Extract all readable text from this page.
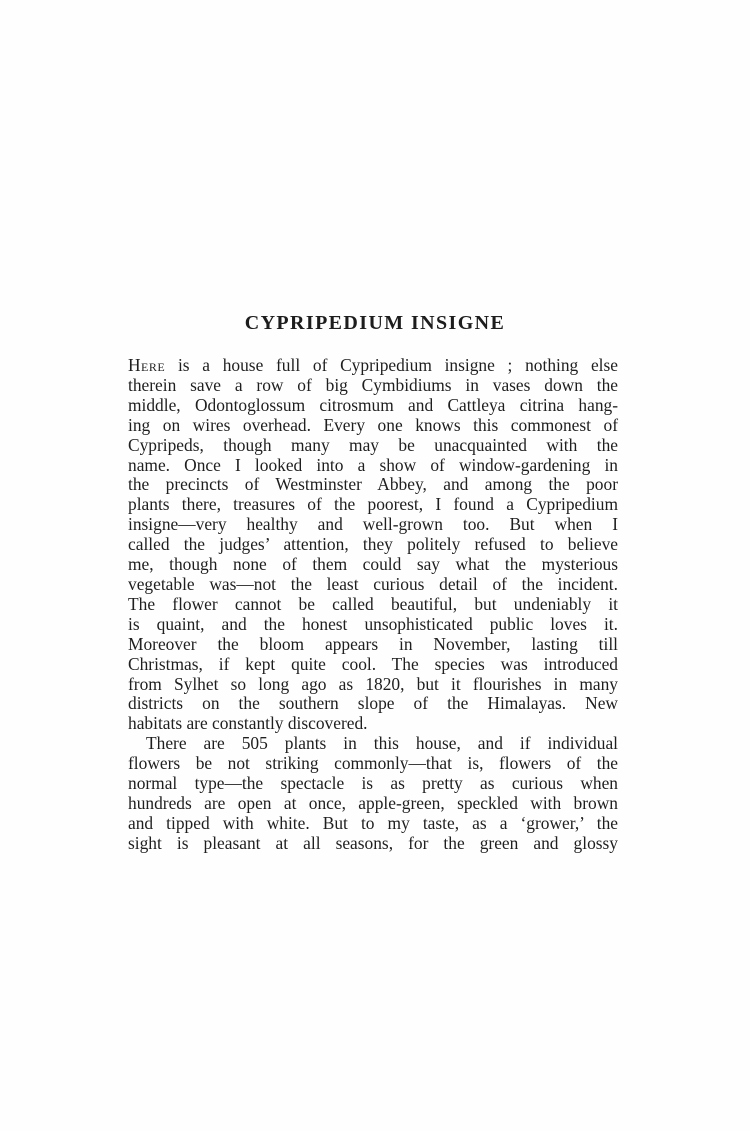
CYPRIPEDIUM INSIGNE
Here is a house full of Cypripedium insigne ; nothing else
therein save a row of big Cymbidiums in vases down the
middle, Odontoglossum citrosmum and Cattleya citrina hang-
ing on wires overhead. Every one knows this commonest of
Cypripeds, though many may be unacquainted with the
name. Once I looked into a show of window-gardening in
the precincts of Westminster Abbey, and among the poor
plants there, treasures of the poorest, I found a Cypripedium
insigne—very healthy and well-grown too. But when I
called the judges’ attention, they politely refused to believe
me, though none of them could say what the mysterious
vegetable was—not the least curious detail of the incident.
The flower cannot be called beautiful, but undeniably it
is quaint, and the honest unsophisticated public loves it.
Moreover the bloom appears in November, lasting till
Christmas, if kept quite cool. The species was introduced
from Sylhet so long ago as 1820, but it flourishes in many
districts on the southern slope of the Himalayas. New
habitats are constantly discovered.
There are 505 plants in this house, and if individual
flowers be not striking commonly—that is, flowers of the
normal type—the spectacle is as pretty as curious when
hundreds are open at once, apple-green, speckled with brown
and tipped with white. But to my taste, as a ‘grower,’ the
sight is pleasant at all seasons, for the green and glossy
